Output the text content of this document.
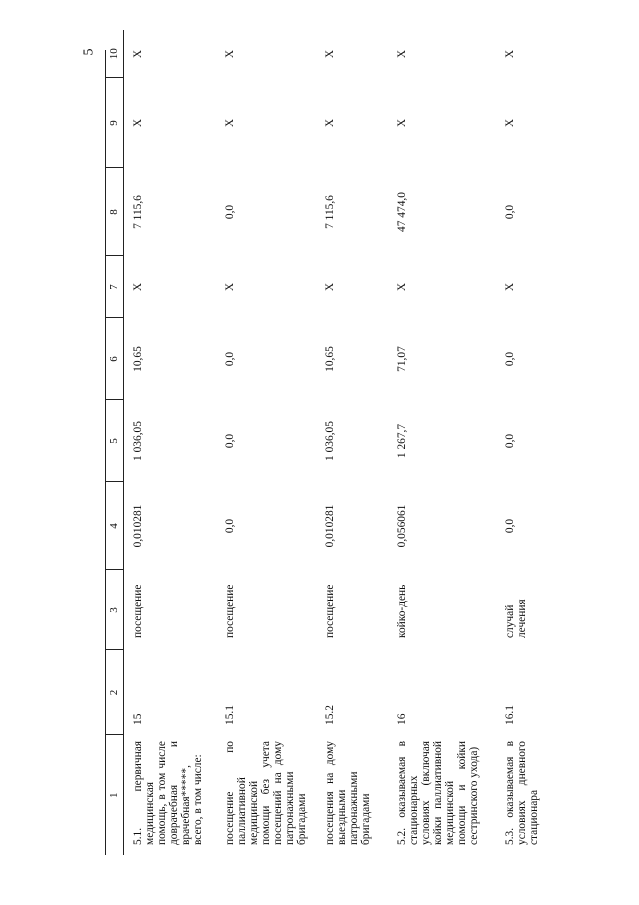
5
1	2	3	4	5	6	7	8	9	10
5.1. первичная медицинская помощь, в том числе доврачебная и врачебная*****, всего, в том числе:	15	посещение	0,010281	1 036,05	10,65	Х	7 115,6	Х	Х
посещение по паллиативной медицинской помощи без учета посещений на дому патронажными бригадами	15.1	посещение	0,0	0,0	0,0	Х	0,0	Х	Х
посещения на дому выездными патронажными бригадами	15.2	посещение	0,010281	1 036,05	10,65	Х	7 115,6	Х	Х
5.2. оказываемая в стационарных условиях (включая койки паллиативной медицинской помощи и койки сестринского ухода)	16	койко-день	0,056061	1 267,7	71,07	Х	47 474,0	Х	Х
5.3. оказываемая в условиях дневного стационара	16.1	случай лечения	0,0	0,0	0,0	Х	0,0	Х	Х
